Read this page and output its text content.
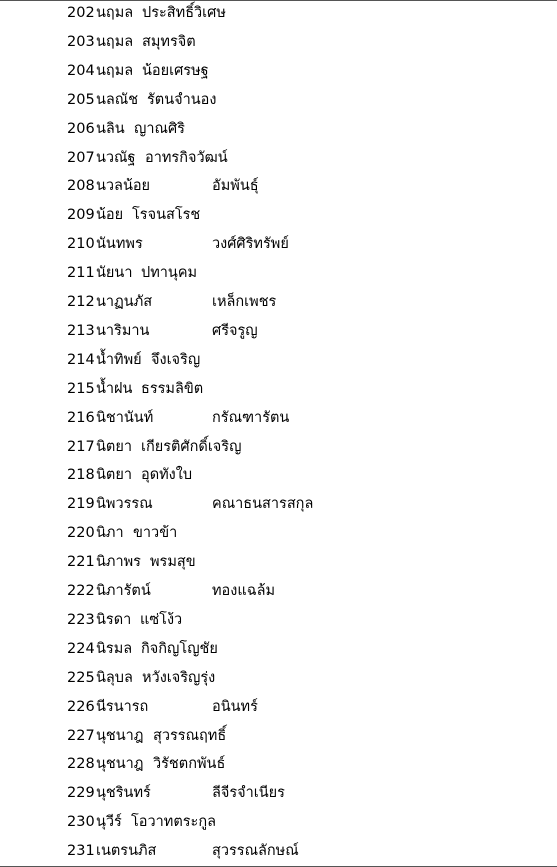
202 นฤมล ประสิทธิ์วิเศษ
203 นฤมล สมุทรจิต
204 นฤมล น้อยเศรษฐ
205 นลณัช รัตนจำนอง
206 นลิน ญาณศิริ
207 นวณัฐ อาทรกิจวัฒน์
208 นวลน้อย	อัมพันธุ์
209 น้อย โรจนสโรช
210 นันทพร	วงศ์ศิริทรัพย์
211 นัยนา ปทานุคม
212 นาฏนภัส	เหล็กเพชร
213 นาริมาน	ศรีจรูญ
214 น้ำทิพย์ จึงเจริญ
215 น้ำฝน ธรรมลิขิต
216 นิชานันท์	กรัณฑารัตน
217 นิตยา เกียรติศักดิ์เจริญ
218 นิตยา อุดทังใบ
219 นิพวรรณ	คณาธนสารสกุล
220 นิภา ขาวข้า
221 นิภาพร พรมสุข
222 นิภารัตน์	ทองแฉล้ม
223 นิรดา แซ่โง้ว
224 นิรมล กิจกิญโญชัย
225 นิลุบล หวังเจริญรุ่ง
226 นีรนารถ	อนินทร์
227 นุชนาฎ สุวรรณฤทธิ์
228 นุชนาฎ วิรัชตกพันธ์
229 นุชรินทร์	ลีจีรจำเนียร
230 นุวีร์ โอวาทตระกูล
231 เนตรนภิส	สุวรรณลักษณ์
